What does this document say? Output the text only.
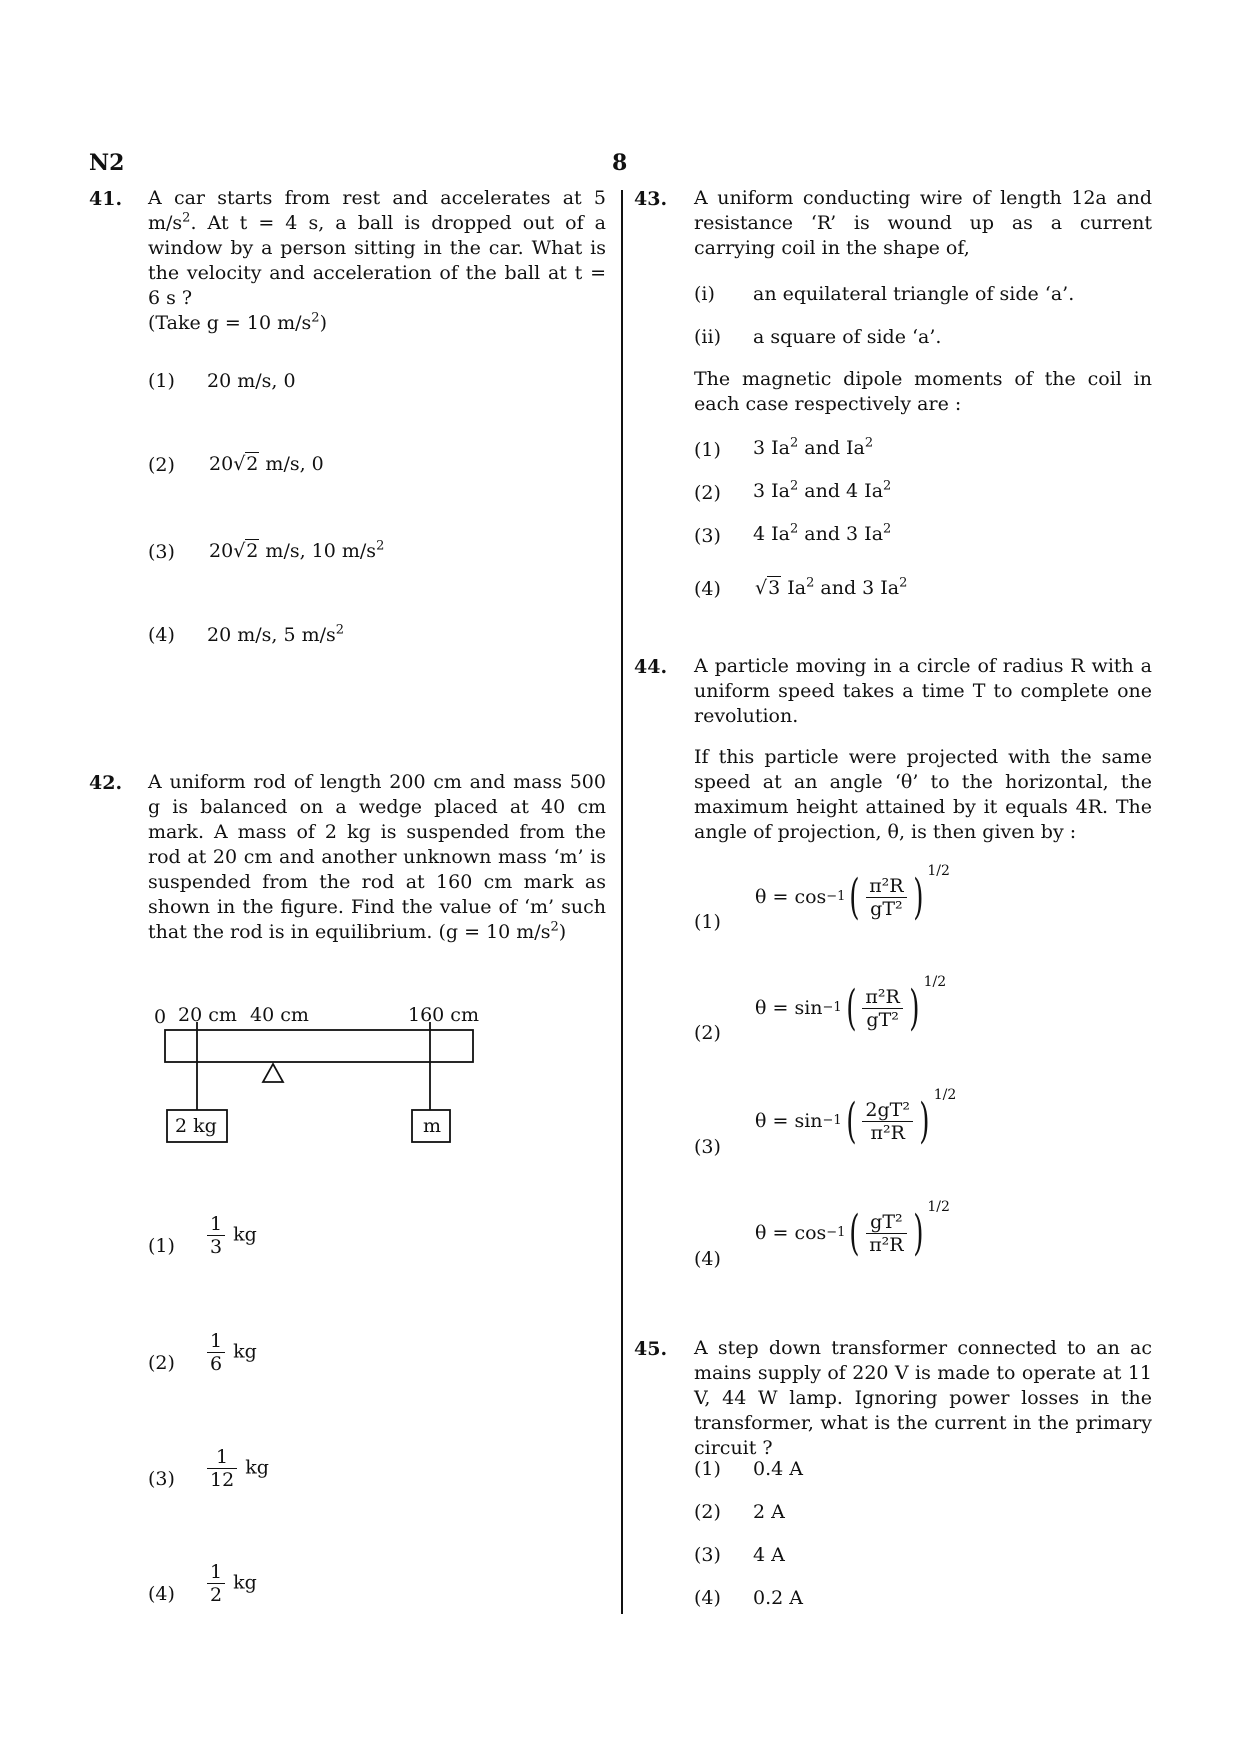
N2	8
41. A car starts from rest and accelerates at 5 $m/s^2$. At t = 4 s, a ball is dropped out of a window by a person sitting in the car. What is the velocity and acceleration of the ball at t = 6 s ?
(Take g = 10 $m/s^2$)
(1) 20 m/s, 0
(2) 20√2 m/s, 0
(3) 20√2 m/s, 10 $m/s^2$
(4) 20 m/s, 5 $m/s^2$
42. A uniform rod of length 200 cm and mass 500 g is balanced on a wedge placed at 40 cm mark. A mass of 2 kg is suspended from the rod at 20 cm and another unknown mass ‘m’ is suspended from the rod at 160 cm mark as shown in the figure. Find the value of ‘m’ such that the rod is in equilibrium. (g = 10 $m/s^2$)
0 20 cm 40 cm	160 cm
2 kg	m
$(1) \frac{1}{3}$ kg
$(2) \frac{1}{6}$ kg
$(3) \frac{1}{12}$ kg
$(4) \frac{1}{2}$ kg
43. A uniform conducting wire of length 12a and resistance ‘R’ is wound up as a current carrying coil in the shape of,
(i) an equilateral triangle of side ‘a’.
(ii) a square of side ‘a’.
The magnetic dipole moments of the coil in each case respectively are :
(1) 3 Ia$^2$ and Ia$^2$
(2) 3 Ia$^2$ and 4 Ia$^2$
(3) 4 Ia$^2$ and 3 Ia$^2$
(4) √3 Ia$^2$ and 3 Ia$^2$
44. A particle moving in a circle of radius R with a uniform speed takes a time T to complete one revolution.
If this particle were projected with the same speed at an angle ‘θ’ to the horizontal, the maximum height attained by it equals 4R. The angle of projection, θ, is then given by :
(1)
θ = cos −1 ( $\frac{\text{π²R}}{\text{gT²}}$ ) 1/2
(2)
θ = sin −1 ( $\frac{\text{π²R}}{\text{gT²}}$ ) 1/2
(3)
θ = sin −1 ( $\frac{\text{2gT²}}{\text{π²R}}$ ) 1/2
(4)
θ = cos −1 ( $\frac{\text{gT²}}{\text{π²R}}$ ) 1/2
45. A step down transformer connected to an ac mains supply of 220 V is made to operate at 11 V, 44 W lamp. Ignoring power losses in the transformer, what is the current in the primary circuit ?
(1) 0.4 A
(2) 2 A
(3) 4 A
(4) 0.2 A
